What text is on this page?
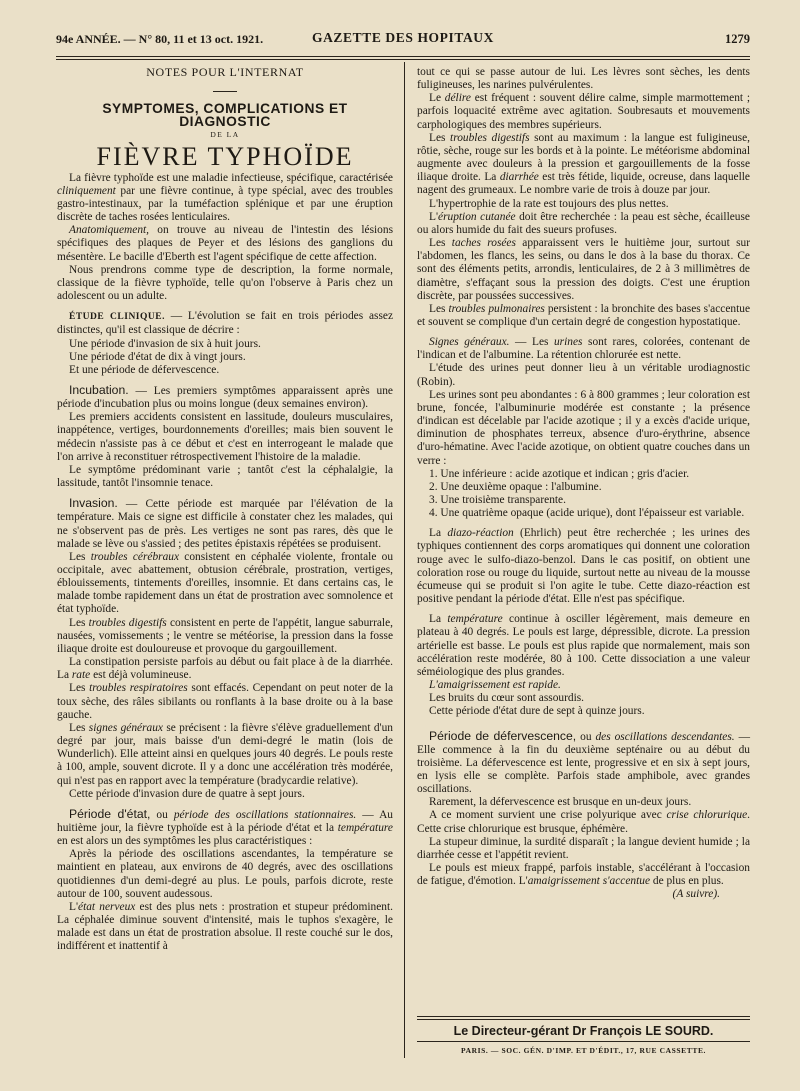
94e ANNÉE. — N° 80, 11 et 13 oct. 1921.	GAZETTE DES HOPITAUX	1279

NOTES POUR L'INTERNAT

SYMPTOMES, COMPLICATIONS ET DIAGNOSTIC

DE LA

FIÈVRE TYPHOÏDE

La fièvre typhoïde est une maladie infectieuse, spécifique, caractérisée cliniquement par une fièvre continue, à type spécial, avec des troubles gastro-intestinaux, par la tuméfaction splénique et par une éruption discrète de taches rosées lenticulaires.

Anatomiquement, on trouve au niveau de l'intestin des lésions spécifiques des plaques de Peyer et des lésions des ganglions du mésentère. Le bacille d'Eberth est l'agent spécifique de cette affection.

Nous prendrons comme type de description, la forme normale, classique de la fièvre typhoïde, telle qu'on l'observe à Paris chez un adolescent ou un adulte.

ÉTUDE CLINIQUE. — L'évolution se fait en trois périodes assez distinctes, qu'il est classique de décrire :

Une période d'invasion de six à huit jours.

Une période d'état de dix à vingt jours.

Et une période de défervescence.

Incubation. — Les premiers symptômes apparaissent après une période d'incubation plus ou moins longue (deux semaines environ).

Les premiers accidents consistent en lassitude, douleurs musculaires, inappétence, vertiges, bourdonnements d'oreilles; mais bien souvent le médecin n'assiste pas à ce début et c'est en interrogeant le malade que l'on arrive à reconstituer rétrospectivement l'histoire de la maladie.

Le symptôme prédominant varie ; tantôt c'est la céphalalgie, la lassitude, tantôt l'insomnie tenace.

Invasion. — Cette période est marquée par l'élévation de la température. Mais ce signe est difficile à constater chez les malades, qui ne s'observent pas de près. Les vertiges ne sont pas rares, dès que le malade se lève ou s'assied ; des petites épistaxis répétées se produisent.

Les troubles cérébraux consistent en céphalée violente, frontale ou occipitale, avec abattement, obtusion cérébrale, prostration, vertiges, éblouissements, tintements d'oreilles, insomnie. Et dans certains cas, le malade tombe rapidement dans un état de prostration avec somnolence et état typhoïde.

Les troubles digestifs consistent en perte de l'appétit, langue saburrale, nausées, vomissements ; le ventre se météorise, la pression dans la fosse iliaque droite est douloureuse et provoque du gargouillement.

La constipation persiste parfois au début ou fait place à de la diarrhée. La rate est déjà volumineuse.

Les troubles respiratoires sont effacés. Cependant on peut noter de la toux sèche, des râles sibilants ou ronflants à la base droite ou à la base gauche.

Les signes généraux se précisent : la fièvre s'élève graduellement d'un degré par jour, mais baisse d'un demi-degré le matin (lois de Wunderlich). Elle atteint ainsi en quelques jours 40 degrés. Le pouls reste à 100, ample, souvent dicrote. Il y a donc une accélération très modérée, qui n'est pas en rapport avec la température (bradycardie relative).

Cette période d'invasion dure de quatre à sept jours.

Période d'état, ou période des oscillations stationnaires. — Au huitième jour, la fièvre typhoïde est à la période d'état et la température en est alors un des symptômes les plus caractéristiques :

Après la période des oscillations ascendantes, la température se maintient en plateau, aux environs de 40 degrés, avec des oscillations quotidiennes d'un demi-degré au plus. Le pouls, parfois dicrote, reste autour de 100, souvent audessous.

L'état nerveux est des plus nets : prostration et stupeur prédominent. La céphalée diminue souvent d'intensité, mais le tuphos s'exagère, le malade est dans un état de prostration absolue. Il reste couché sur le dos, indifférent et inattentif à

tout ce qui se passe autour de lui. Les lèvres sont sèches, les dents fuligineuses, les narines pulvérulentes.

Le délire est fréquent : souvent délire calme, simple marmottement ; parfois loquacité extrême avec agitation. Soubresauts et mouvements carphologiques des membres supérieurs.

Les troubles digestifs sont au maximum : la langue est fuligineuse, rôtie, sèche, rouge sur les bords et à la pointe. Le météorisme abdominal augmente avec douleurs à la pression et gargouillements de la fosse iliaque droite. La diarrhée est très fétide, liquide, ocreuse, dans laquelle nagent des grumeaux. Le nombre varie de trois à douze par jour.

L'hypertrophie de la rate est toujours des plus nettes.

L'éruption cutanée doit être recherchée : la peau est sèche, écailleuse ou alors humide du fait des sueurs profuses.

Les taches rosées apparaissent vers le huitième jour, surtout sur l'abdomen, les flancs, les seins, ou dans le dos à la base du thorax. Ce sont des éléments petits, arrondis, lenticulaires, de 2 à 3 millimètres de diamètre, s'effaçant sous la pression des doigts. C'est une éruption discrète, par poussées successives.

Les troubles pulmonaires persistent : la bronchite des bases s'accentue et souvent se complique d'un certain degré de congestion hypostatique.

Signes généraux. — Les urines sont rares, colorées, contenant de l'indican et de l'albumine. La rétention chlorurée est nette.

L'étude des urines peut donner lieu à un véritable urodiagnostic (Robin).

Les urines sont peu abondantes : 6 à 800 grammes ; leur coloration est brune, foncée, l'albuminurie modérée est constante ; la présence d'indican est décelable par l'acide azotique ; il y a excès d'acide urique, diminution de phosphates terreux, absence d'uro-érythrine, absence d'uro-hématine. Avec l'acide azotique, on obtient quatre couches dans un verre :

1. Une inférieure : acide azotique et indican ; gris d'acier.

2. Une deuxième opaque : l'albumine.

3. Une troisième transparente.

4. Une quatrième opaque (acide urique), dont l'épaisseur est variable.

La diazo-réaction (Ehrlich) peut être recherchée ; les urines des typhiques contiennent des corps aromatiques qui donnent une coloration rouge avec le sulfo-diazo-benzol. Dans le cas positif, on obtient une coloration rose ou rouge du liquide, surtout nette au niveau de la mousse écumeuse qui se produit si l'on agite le tube. Cette diazo-réaction est positive pendant la période d'état. Elle n'est pas spécifique.

La température continue à osciller légèrement, mais demeure en plateau à 40 degrés. Le pouls est large, dépressible, dicrote. La pression artérielle est basse. Le pouls est plus rapide que normalement, mais son accélération reste modérée, 80 à 100. Cette dissociation a une valeur séméiologique des plus grandes.

L'amaigrissement est rapide.

Les bruits du cœur sont assourdis.

Cette période d'état dure de sept à quinze jours.

Période de défervescence, ou des oscillations descendantes. — Elle commence à la fin du deuxième septénaire ou au début du troisième. La défervescence est lente, progressive et en six à sept jours, en lysis elle se complète. Parfois stade amphibole, avec grandes oscillations.

Rarement, la défervescence est brusque en un-deux jours.

A ce moment survient une crise polyurique avec crise chlorurique. Cette crise chlorurique est brusque, éphémère.

La stupeur diminue, la surdité disparaît ; la langue devient humide ; la diarrhée cesse et l'appétit revient.

Le pouls est mieux frappé, parfois instable, s'accélérant à l'occasion de fatigue, d'émotion. L'amaigrissement s'accentue de plus en plus.

(A suivre).

Le Directeur-gérant Dr François LE SOURD.
PARIS. — SOC. GÉN. D'IMP. ET D'ÉDIT., 17, RUE CASSETTE.
